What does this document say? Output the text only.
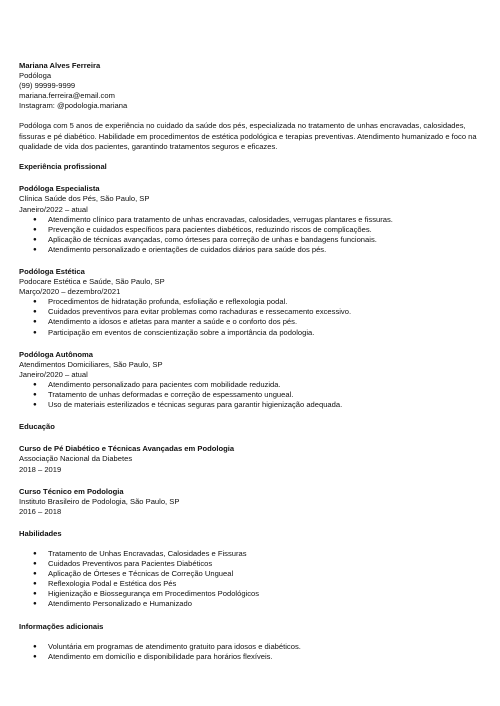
Mariana Alves Ferreira
Podóloga
(99) 99999-9999
mariana.ferreira@email.com
Instagram: @podologia.mariana
Podóloga com 5 anos de experiência no cuidado da saúde dos pés, especializada no tratamento de unhas encravadas, calosidades, fissuras e pé diabético. Habilidade em procedimentos de estética podológica e terapias preventivas. Atendimento humanizado e foco na qualidade de vida dos pacientes, garantindo tratamentos seguros e eficazes.
Experiência profissional
Podóloga Especialista
Clínica Saúde dos Pés, São Paulo, SP
Janeiro/2022 – atual
● Atendimento clínico para tratamento de unhas encravadas, calosidades, verrugas plantares e fissuras.
● Prevenção e cuidados específicos para pacientes diabéticos, reduzindo riscos de complicações.
● Aplicação de técnicas avançadas, como órteses para correção de unhas e bandagens funcionais.
● Atendimento personalizado e orientações de cuidados diários para saúde dos pés.
Podóloga Estética
Podocare Estética e Saúde, São Paulo, SP
Março/2020 – dezembro/2021
● Procedimentos de hidratação profunda, esfoliação e reflexologia podal.
● Cuidados preventivos para evitar problemas como rachaduras e ressecamento excessivo.
● Atendimento a idosos e atletas para manter a saúde e o conforto dos pés.
● Participação em eventos de conscientização sobre a importância da podologia.
Podóloga Autônoma
Atendimentos Domiciliares, São Paulo, SP
Janeiro/2020 – atual
● Atendimento personalizado para pacientes com mobilidade reduzida.
● Tratamento de unhas deformadas e correção de espessamento ungueal.
● Uso de materiais esterilizados e técnicas seguras para garantir higienização adequada.
Educação
Curso de Pé Diabético e Técnicas Avançadas em Podologia
Associação Nacional da Diabetes
2018 – 2019
Curso Técnico em Podologia
Instituto Brasileiro de Podologia, São Paulo, SP
2016 – 2018
Habilidades
● Tratamento de Unhas Encravadas, Calosidades e Fissuras
● Cuidados Preventivos para Pacientes Diabéticos
● Aplicação de Órteses e Técnicas de Correção Ungueal
● Reflexologia Podal e Estética dos Pés
● Higienização e Biossegurança em Procedimentos Podológicos
● Atendimento Personalizado e Humanizado
Informações adicionais
● Voluntária em programas de atendimento gratuito para idosos e diabéticos.
● Atendimento em domicílio e disponibilidade para horários flexíveis.
